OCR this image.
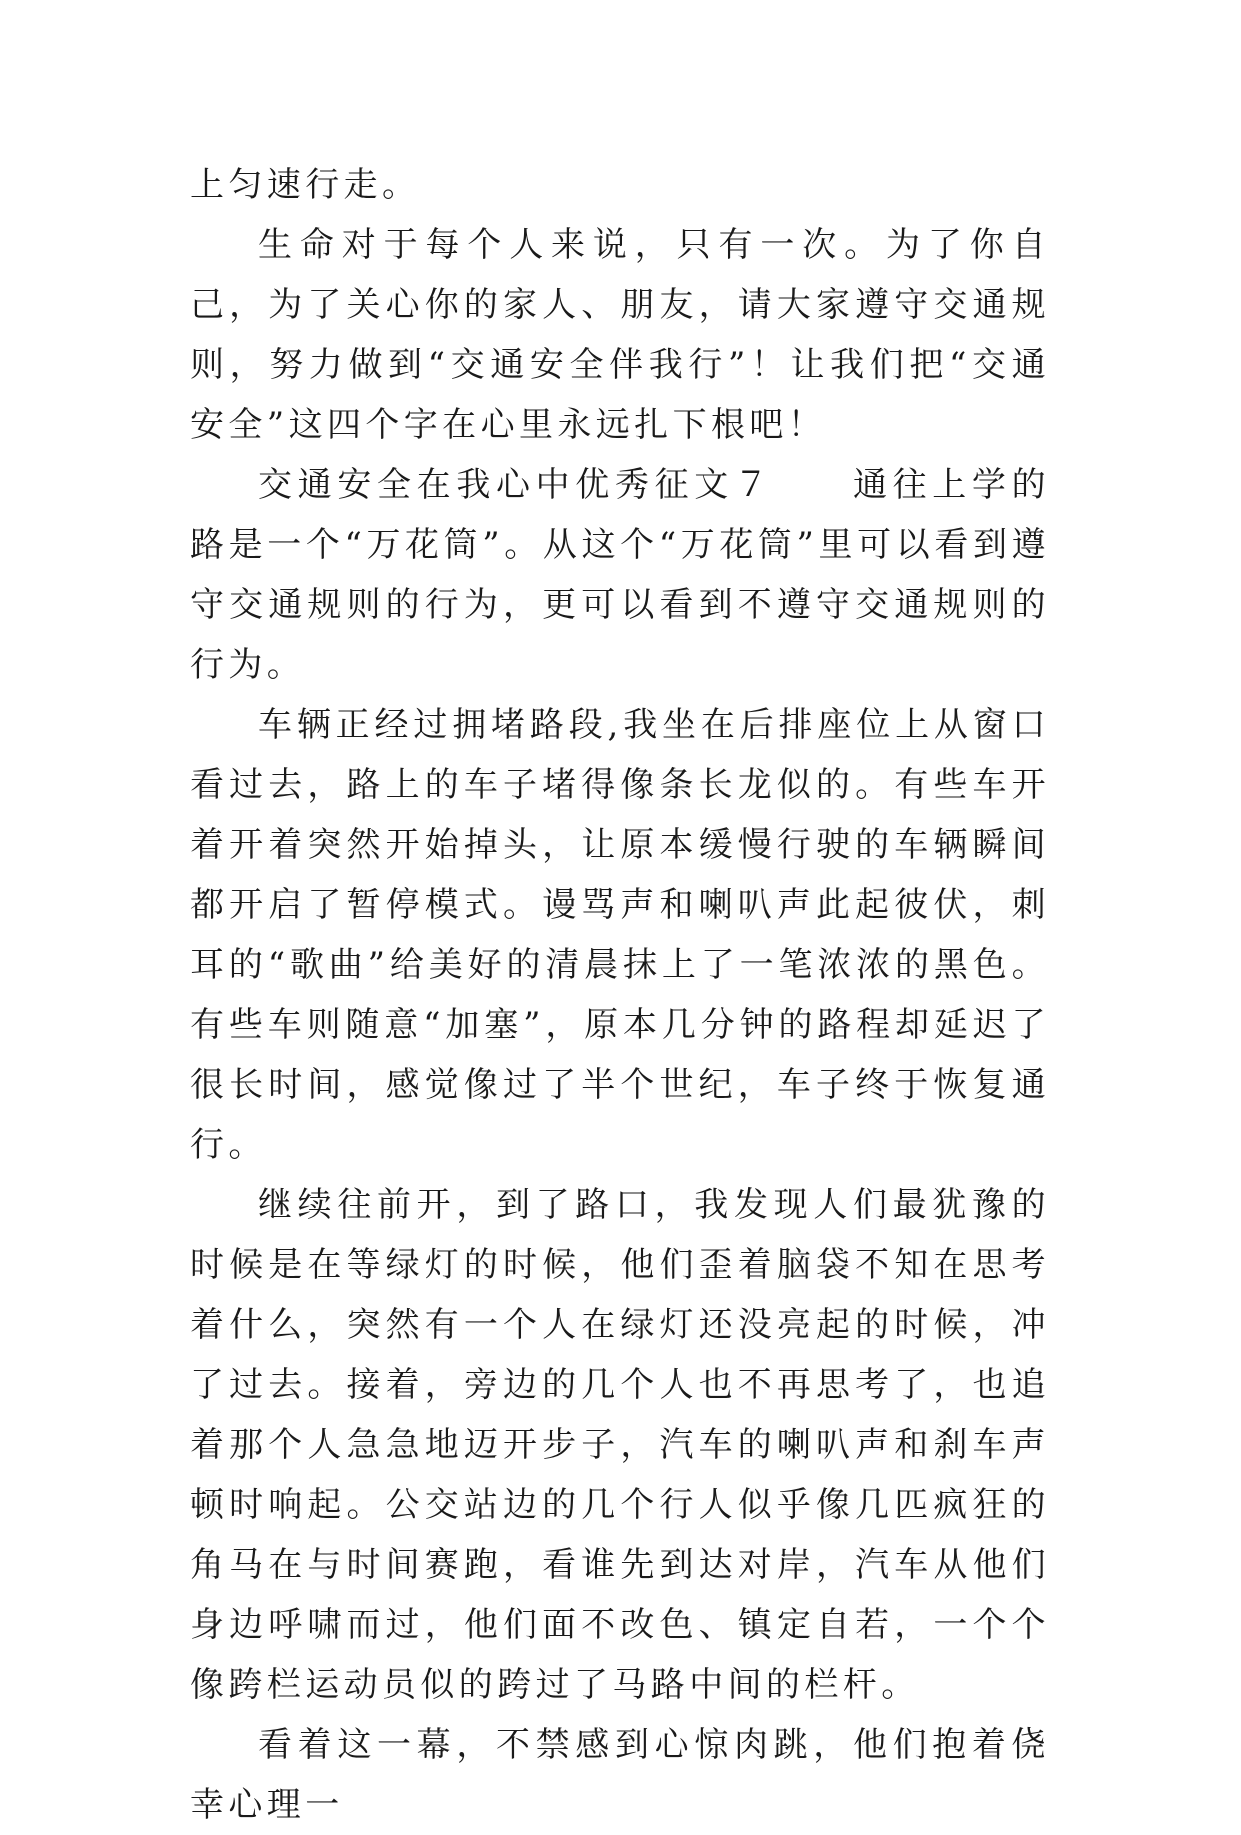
上匀速行走。

生命对于每个人来说，只有一次。为了你自己，为了关心你的家人、朋友，请大家遵守交通规则，努力做到“交通安全伴我行”！让我们把“交通安全”这四个字在心里永远扎下根吧！

交通安全在我心中优秀征文７　　通往上学的路是一个“万花筒”。从这个“万花筒”里可以看到遵守交通规则的行为，更可以看到不遵守交通规则的行为。

车辆正经过拥堵路段,我坐在后排座位上从窗口看过去，路上的车子堵得像条长龙似的。有些车开着开着突然开始掉头，让原本缓慢行驶的车辆瞬间都开启了暂停模式。谩骂声和喇叭声此起彼伏，刺耳的“歌曲”给美好的清晨抹上了一笔浓浓的黑色。有些车则随意“加塞”，原本几分钟的路程却延迟了很长时间，感觉像过了半个世纪，车子终于恢复通行。

继续往前开，到了路口，我发现人们最犹豫的时候是在等绿灯的时候，他们歪着脑袋不知在思考着什么，突然有一个人在绿灯还没亮起的时候，冲了过去。接着，旁边的几个人也不再思考了，也追着那个人急急地迈开步子，汽车的喇叭声和刹车声顿时响起。公交站边的几个行人似乎像几匹疯狂的角马在与时间赛跑，看谁先到达对岸，汽车从他们身边呼啸而过，他们面不改色、镇定自若，一个个像跨栏运动员似的跨过了马路中间的栏杆。

看着这一幕，不禁感到心惊肉跳，他们抱着侥幸心理一
